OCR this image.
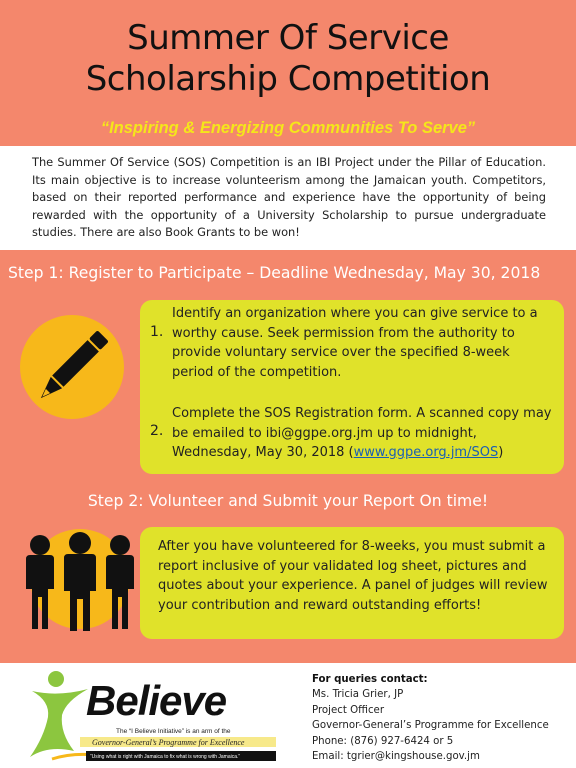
Summer Of Service
Scholarship Competition
“Inspiring & Energizing Communities To Serve”

The Summer Of Service (SOS) Competition is an IBI Project under the Pillar of Education. Its main objective is to increase volunteerism among the Jamaican youth. Competitors, based on their reported performance and experience have the opportunity of being rewarded with the opportunity of a University Scholarship to pursue undergraduate studies. There are also Book Grants to be won!

Step 1: Register to Participate – Deadline Wednesday, May 30, 2018
1.
Identify an organization where you can give service to a worthy cause. Seek permission from the authority to provide voluntary service over the specified 8-week period of the competition.
2.
Complete the SOS Registration form. A scanned copy may be emailed to ibi@ggpe.org.jm up to midnight, Wednesday, May 30, 2018 (www.ggpe.org.jm/SOS)
Step 2: Volunteer and Submit your Report On time!
After you have volunteered for 8-weeks, you must submit a report inclusive of your validated log sheet, pictures and quotes about your experience. A panel of judges will review your contribution and reward outstanding efforts!
Believe
The “I Believe Initiative” is an arm of the
Governor-General’s Programme for Excellence
“Using what is right with Jamaica to fix what is wrong with Jamaica.”
For queries contact:
Ms. Tricia Grier, JP
Project Officer
Governor-General’s Programme for Excellence
Phone: (876) 927-6424 or 5
Email: tgrier@kingshouse.gov.jm
